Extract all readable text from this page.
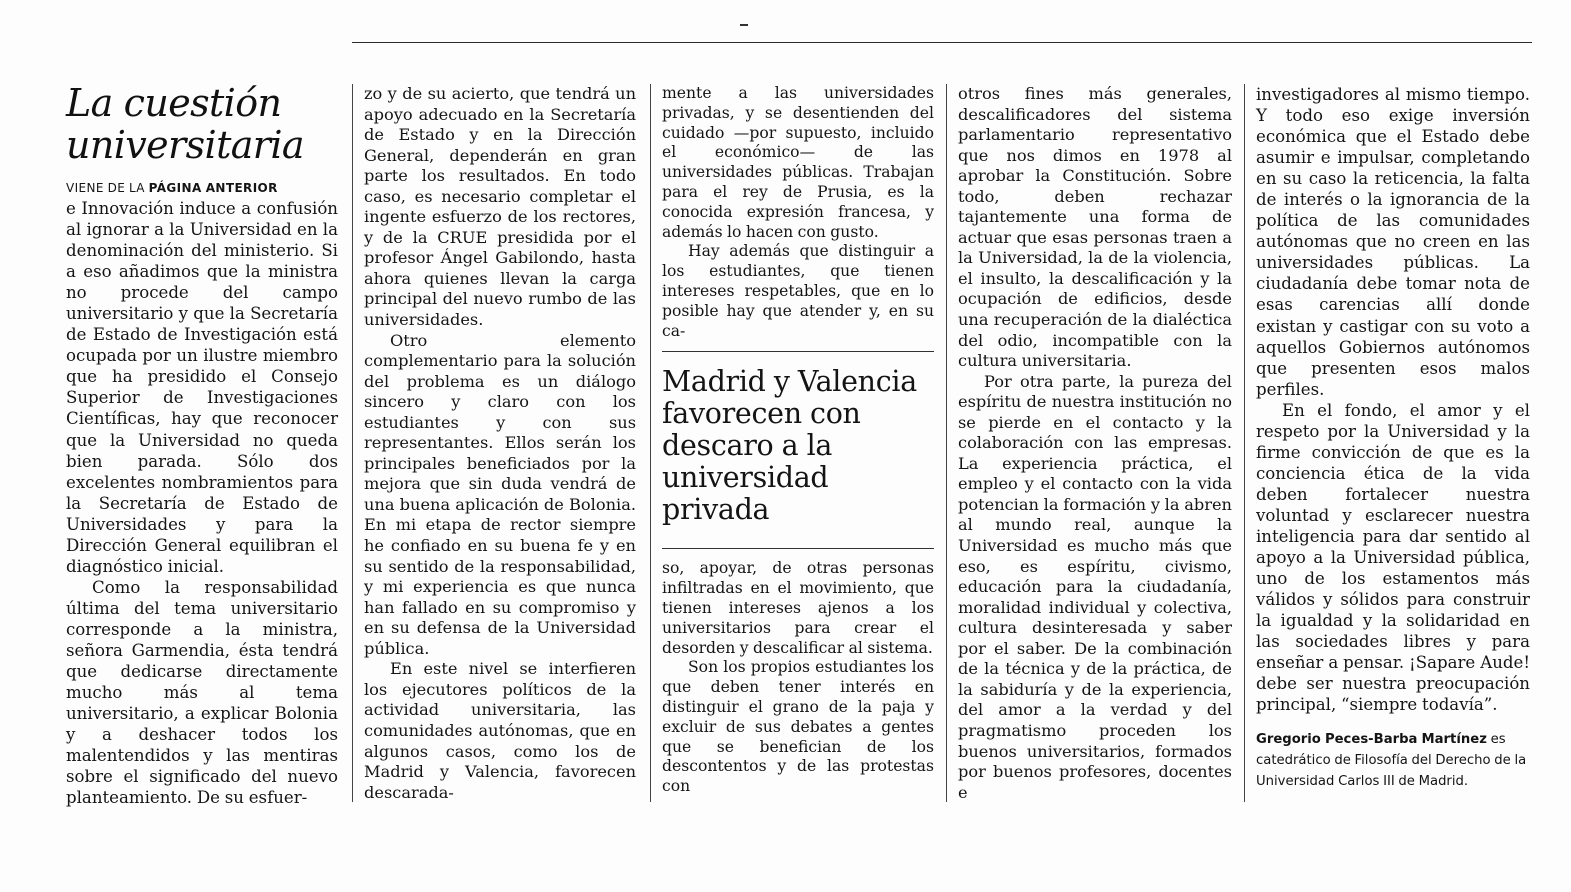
La cuestión
universitaria
VIENE DE LA PÁGINA ANTERIOR

e Innovación induce a confusión al ignorar a la Universidad en la denominación del ministerio. Si a eso añadimos que la ministra no procede del campo universitario y que la Secretaría de Estado de Investigación está ocupada por un ilustre miembro que ha presidido el Consejo Superior de Investigaciones Científicas, hay que reconocer que la Universidad no queda bien parada. Sólo dos excelentes nombramientos para la Secretaría de Estado de Universidades y para la Dirección General equilibran el diagnóstico inicial.

Como la responsabilidad última del tema universitario corresponde a la ministra, señora Garmendia, ésta tendrá que dedicarse directamente mucho más al tema universitario, a explicar Bolonia y a deshacer todos los malentendidos y las mentiras sobre el significado del nuevo planteamiento. De su esfuer-

zo y de su acierto, que tendrá un apoyo adecuado en la Secretaría de Estado y en la Dirección General, dependerán en gran parte los resultados. En todo caso, es necesario completar el ingente esfuerzo de los rectores, y de la CRUE presidida por el profesor Ángel Gabilondo, hasta ahora quienes llevan la carga principal del nuevo rumbo de las universidades.

Otro elemento complementario para la solución del problema es un diálogo sincero y claro con los estudiantes y con sus representantes. Ellos serán los principales beneficiados por la mejora que sin duda vendrá de una buena aplicación de Bolonia. En mi etapa de rector siempre he confiado en su buena fe y en su sentido de la responsabilidad, y mi experiencia es que nunca han fallado en su compromiso y en su defensa de la Universidad pública.

En este nivel se interfieren los ejecutores políticos de la actividad universitaria, las comunidades autónomas, que en algunos casos, como los de Madrid y Valencia, favorecen descarada-

mente a las universidades privadas, y se desentienden del cuidado —por supuesto, incluido el económico— de las universidades públicas. Trabajan para el rey de Prusia, es la conocida expresión francesa, y además lo hacen con gusto.

Hay además que distinguir a los estudiantes, que tienen intereses respetables, que en lo posible hay que atender y, en su ca-

Madrid y Valencia favorecen con descaro a la universidad privada

so, apoyar, de otras personas infiltradas en el movimiento, que tienen intereses ajenos a los universitarios para crear el desorden y descalificar al sistema.

Son los propios estudiantes los que deben tener interés en distinguir el grano de la paja y excluir de sus debates a gentes que se benefician de los descontentos y de las protestas con

otros fines más generales, descalificadores del sistema parlamentario representativo que nos dimos en 1978 al aprobar la Constitución. Sobre todo, deben rechazar tajantemente una forma de actuar que esas personas traen a la Universidad, la de la violencia, el insulto, la descalificación y la ocupación de edificios, desde una recuperación de la dialéctica del odio, incompatible con la cultura universitaria.

Por otra parte, la pureza del espíritu de nuestra institución no se pierde en el contacto y la colaboración con las empresas. La experiencia práctica, el empleo y el contacto con la vida potencian la formación y la abren al mundo real, aunque la Universidad es mucho más que eso, es espíritu, civismo, educación para la ciudadanía, moralidad individual y colectiva, cultura desinteresada y saber por el saber. De la combinación de la técnica y de la práctica, de la sabiduría y de la experiencia, del amor a la verdad y del pragmatismo proceden los buenos universitarios, formados por buenos profesores, docentes e

investigadores al mismo tiempo. Y todo eso exige inversión económica que el Estado debe asumir e impulsar, completando en su caso la reticencia, la falta de interés o la ignorancia de la política de las comunidades autónomas que no creen en las universidades públicas. La ciudadanía debe tomar nota de esas carencias allí donde existan y castigar con su voto a aquellos Gobiernos autónomos que presenten esos malos perfiles.

En el fondo, el amor y el respeto por la Universidad y la firme convicción de que es la conciencia ética de la vida deben fortalecer nuestra voluntad y esclarecer nuestra inteligencia para dar sentido al apoyo a la Universidad pública, uno de los estamentos más válidos y sólidos para construir la igualdad y la solidaridad en las sociedades libres y para enseñar a pensar. ¡Sapare Aude! debe ser nuestra preocupación principal, “siempre todavía”.

Gregorio Peces-Barba Martínez es catedrático de Filosofía del Derecho de la Universidad Carlos III de Madrid.
